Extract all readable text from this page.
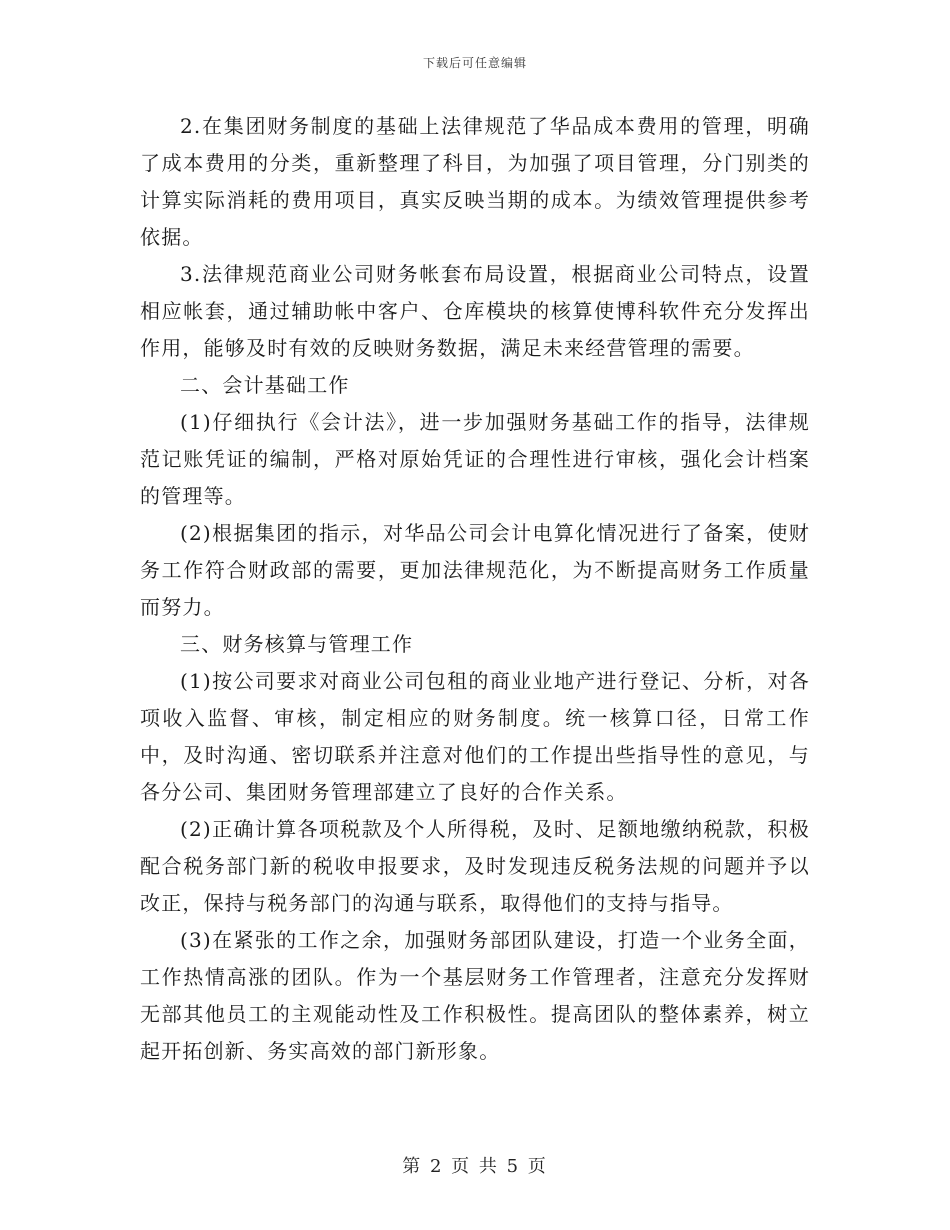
下载后可任意编辑

2.在集团财务制度的基础上法律规范了华品成本费用的管理，明确了成本费用的分类，重新整理了科目，为加强了项目管理，分门别类的计算实际消耗的费用项目，真实反映当期的成本。为绩效管理提供参考依据。

3.法律规范商业公司财务帐套布局设置，根据商业公司特点，设置相应帐套，通过辅助帐中客户、仓库模块的核算使博科软件充分发挥出作用，能够及时有效的反映财务数据，满足未来经营管理的需要。

二、会计基础工作

(1)仔细执行《会计法》，进一步加强财务基础工作的指导，法律规范记账凭证的编制，严格对原始凭证的合理性进行审核，强化会计档案的管理等。

(2)根据集团的指示，对华品公司会计电算化情况进行了备案，使财务工作符合财政部的需要，更加法律规范化，为不断提高财务工作质量而努力。

三、财务核算与管理工作

(1)按公司要求对商业公司包租的商业业地产进行登记、分析，对各项收入监督、审核，制定相应的财务制度。统一核算口径，日常工作中，及时沟通、密切联系并注意对他们的工作提出些指导性的意见，与各分公司、集团财务管理部建立了良好的合作关系。

(2)正确计算各项税款及个人所得税，及时、足额地缴纳税款，积极配合税务部门新的税收申报要求，及时发现违反税务法规的问题并予以改正，保持与税务部门的沟通与联系，取得他们的支持与指导。

(3)在紧张的工作之余，加强财务部团队建设，打造一个业务全面，工作热情高涨的团队。作为一个基层财务工作管理者，注意充分发挥财无部其他员工的主观能动性及工作积极性。提高团队的整体素养，树立起开拓创新、务实高效的部门新形象。

第 2 页 共 5 页
